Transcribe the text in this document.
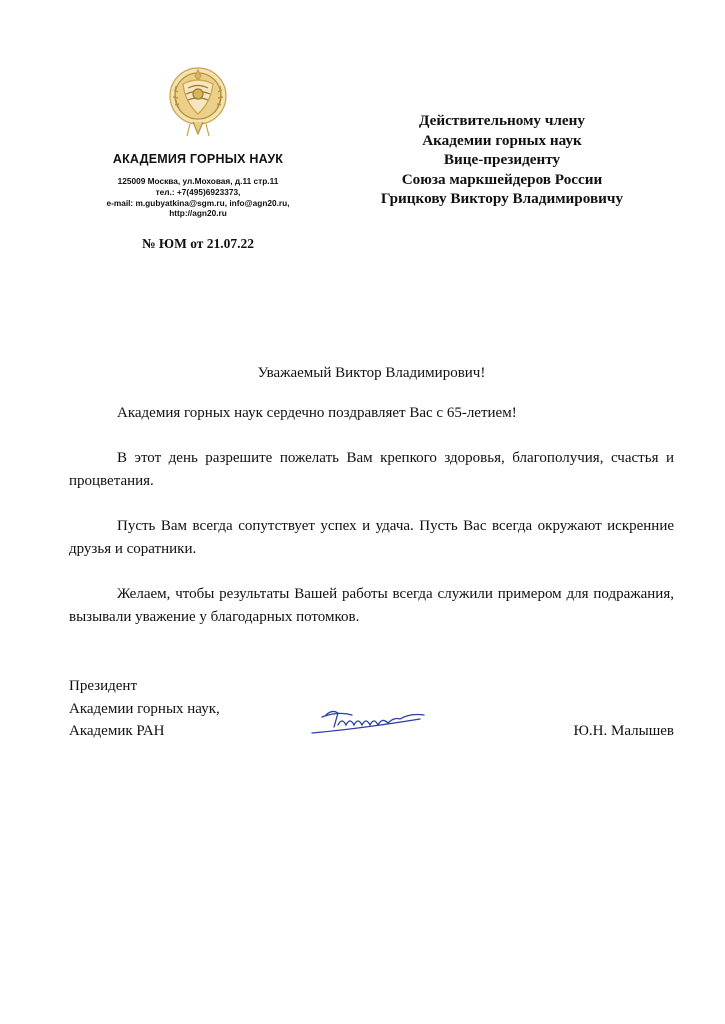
АКАДЕМИЯ ГОРНЫХ НАУК
125009 Москва, ул.Моховая, д.11 стр.11
тел.: +7(495)6923373,
e-mail: m.gubyatkina@sgm.ru, info@agn20.ru,
http://agn20.ru
№ ЮМ от 21.07.22
Действительному члену
Академии горных наук
Вице-президенту
Союза маркшейдеров России
Грицкову Виктору Владимировичу

Уважаемый Виктор Владимирович!

Академия горных наук сердечно поздравляет Вас с 65-летием!

В этот день разрешите пожелать Вам крепкого здоровья, благополучия, счастья и процветания.

Пусть Вам всегда сопутствует успех и удача. Пусть Вас всегда окружают искренние друзья и соратники.

Желаем, чтобы результаты Вашей работы всегда служили примером для подражания, вызывали уважение у благодарных потомков.

Президент
Академии горных наук,
Академик РАН	Ю.Н. Малышев
